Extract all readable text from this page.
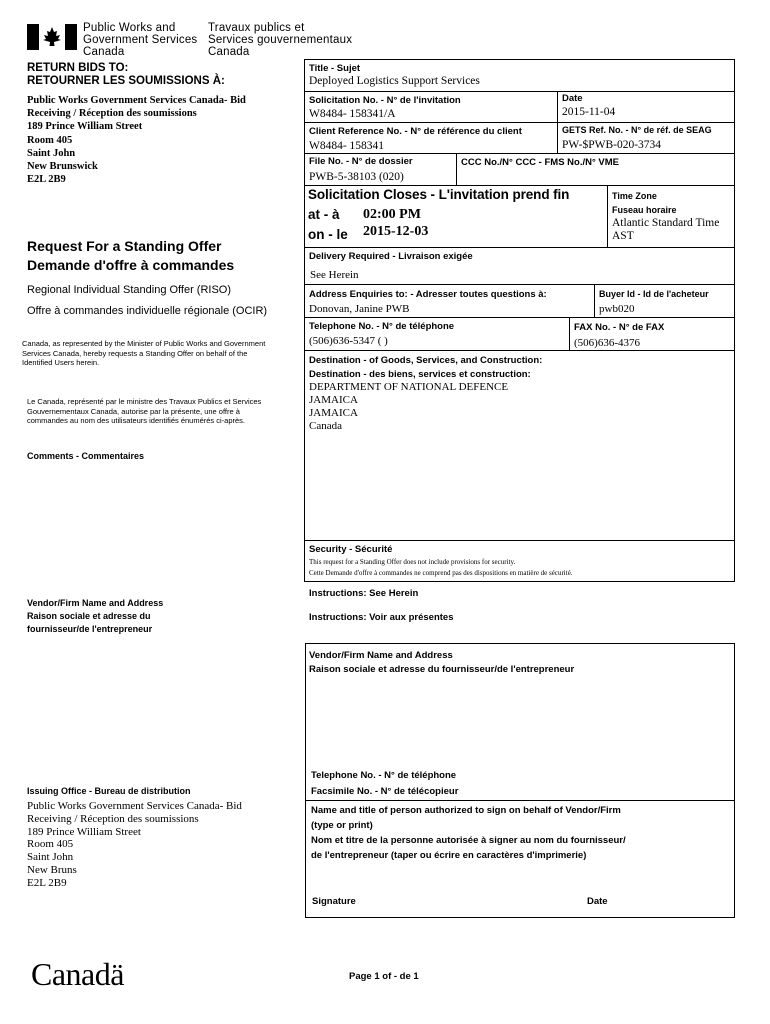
Public Works and
Government Services
Canada
Travaux publics et
Services gouvernementaux
Canada
RETURN BIDS TO:
RETOURNER LES SOUMISSIONS À:
Public Works Government Services Canada- Bid
Receiving / Réception des soumissions
189 Prince William Street
Room 405
Saint John
New Brunswick
E2L 2B9
Request For a Standing Offer
Demande d'offre à commandes
Regional Individual Standing Offer (RISO)
Offre à commandes individuelle régionale (OCIR)
Canada, as represented by the Minister of Public Works and Government Services Canada, hereby requests a Standing Offer on behalf of the Identified Users herein.
Le Canada, représenté par le ministre des Travaux Publics et Services Gouvernementaux Canada, autorise par la présente, une offre à commandes au nom des utilisateurs identifiés énumérés ci-après.
Comments - Commentaires
Vendor/Firm Name and Address
Raison sociale et adresse du
fournisseur/de l'entrepreneur
Issuing Office - Bureau de distribution
Public Works Government Services Canada- Bid
Receiving / Réception des soumissions
189 Prince William Street
Room 405
Saint John
New Bruns
E2L 2B9
Title - Sujet
Deployed Logistics Support Services
Solicitation No. - N° de l'invitation
W8484- 158341/A
Date
2015-11-04
Client Reference No. - N° de référence du client
W8484- 158341
GETS Ref. No. - N° de réf. de SEAG
PW-$PWB-020-3734
File No. - N° de dossier
PWB-5-38103 (020)
CCC No./N° CCC - FMS No./N° VME
Solicitation Closes - L'invitation prend fin
at - à 02:00 PM
on - le 2015-12-03
Time Zone
Fuseau horaire
Atlantic Standard Time
AST
Delivery Required - Livraison exigée
See Herein
Address Enquiries to: - Adresser toutes questions à:
Donovan, Janine PWB
Buyer Id - Id de l'acheteur
pwb020
Telephone No. - N° de téléphone
(506)636-5347 ( )
FAX No. - N° de FAX
(506)636-4376
Destination - of Goods, Services, and Construction:
Destination - des biens, services et construction:
DEPARTMENT OF NATIONAL DEFENCE
JAMAICA
JAMAICA
Canada
Security - Sécurité
This request for a Standing Offer does not include provisions for security.
Cette Demande d'offre à commandes ne comprend pas des dispositions en matière de sécurité.
Instructions: See Herein
Instructions: Voir aux présentes
Vendor/Firm Name and Address
Raison sociale et adresse du fournisseur/de l'entrepreneur
Telephone No. - N° de téléphone
Facsimile No. - N° de télécopieur
Name and title of person authorized to sign on behalf of Vendor/Firm
(type or print)
Nom et titre de la personne autorisée à signer au nom du fournisseur/
de l'entrepreneur (taper ou écrire en caractères d'imprimerie)
Signature	Date
Canadä	Page 1 of - de 1
